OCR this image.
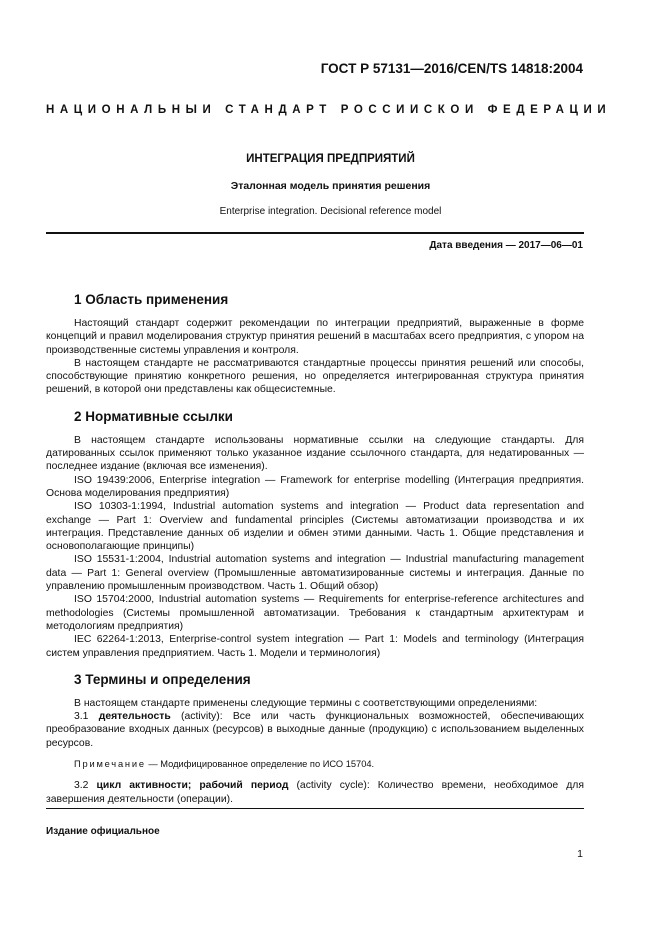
ГОСТ Р 57131—2016/CEN/TS 14818:2004
НАЦИОНАЛЬНЫЙ СТАНДАРТ РОССИЙСКОЙ ФЕДЕРАЦИИ
ИНТЕГРАЦИЯ ПРЕДПРИЯТИЙ
Эталонная модель принятия решения
Enterprise integration. Decisional reference model
Дата введения — 2017—06—01
1 Область применения

Настоящий стандарт содержит рекомендации по интеграции предприятий, выраженные в форме концепций и правил моделирования структур принятия решений в масштабах всего предприятия, с упором на производственные системы управления и контроля.

В настоящем стандарте не рассматриваются стандартные процессы принятия решений или способы, способствующие принятию конкретного решения, но определяется интегрированная структура принятия решений, в которой они представлены как общесистемные.

2 Нормативные ссылки

В настоящем стандарте использованы нормативные ссылки на следующие стандарты. Для датированных ссылок применяют только указанное издание ссылочного стандарта, для недатированных — последнее издание (включая все изменения).

ISO 19439:2006, Enterprise integration — Framework for enterprise modelling (Интеграция предприятия. Основа моделирования предприятия)

ISO 10303-1:1994, Industrial automation systems and integration — Product data representation and exchange — Part 1: Overview and fundamental principles (Системы автоматизации производства и их интеграция. Представление данных об изделии и обмен этими данными. Часть 1. Общие представления и основополагающие принципы)

ISO 15531-1:2004, Industrial automation systems and integration — Industrial manufacturing management data — Part 1: General overview (Промышленные автоматизированные системы и интеграция. Данные по управлению промышленным производством. Часть 1. Общий обзор)

ISO 15704:2000, Industrial automation systems — Requirements for enterprise-reference architectures and methodologies (Системы промышленной автоматизации. Требования к стандартным архитектурам и методологиям предприятия)

IEC 62264-1:2013, Enterprise-control system integration — Part 1: Models and terminology (Интеграция систем управления предприятием. Часть 1. Модели и терминология)

3 Термины и определения

В настоящем стандарте применены следующие термины с соответствующими определениями:

3.1 деятельность (activity): Все или часть функциональных возможностей, обеспечивающих преобразование входных данных (ресурсов) в выходные данные (продукцию) с использованием выделенных ресурсов.

Примечание — Модифицированное определение по ИСО 15704.

3.2 цикл активности; рабочий период (activity cycle): Количество времени, необходимое для завершения деятельности (операции).

Издание официальное
1
